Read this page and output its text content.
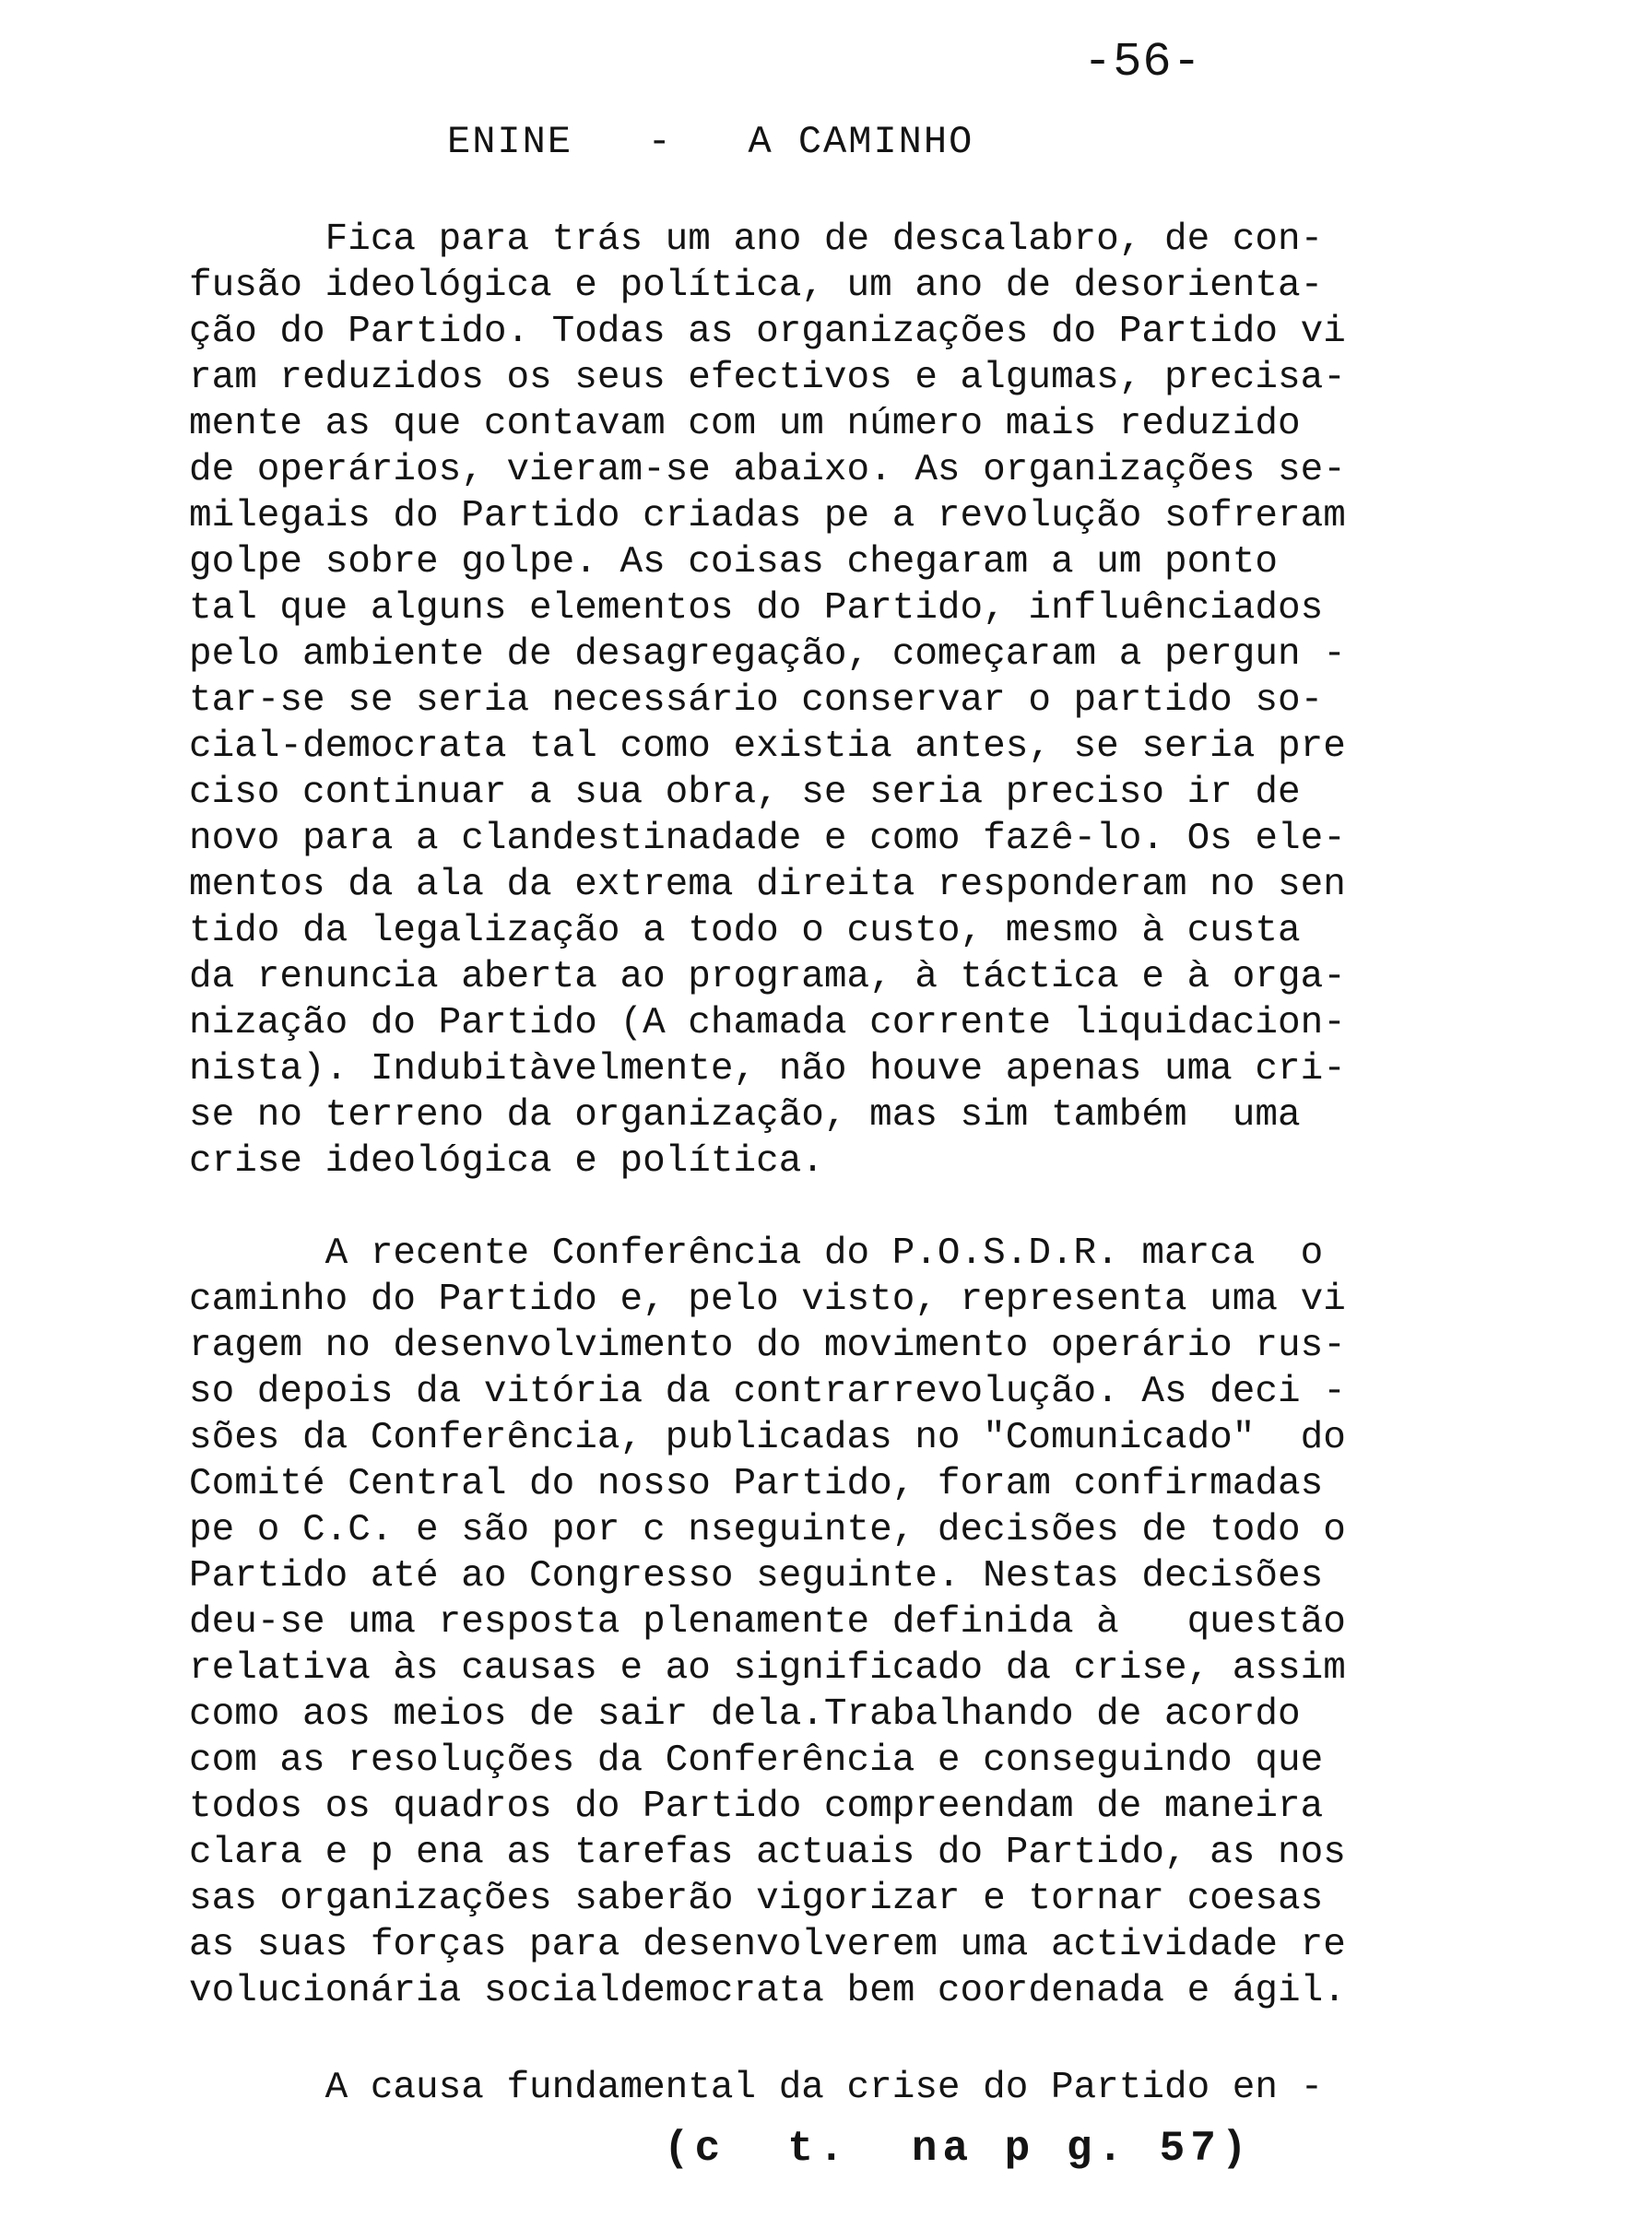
-56-
ENINE   -   A CAMINHO
Fica para trás um ano de descalabro, de con-
fusão ideológica e política, um ano de desorienta-
ção do Partido. Todas as organizações do Partido vi
ram reduzidos os seus efectivos e algumas, precisa-
mente as que contavam com um número mais reduzido
de operários, vieram-se abaixo. As organizações se-
milegais do Partido criadas pe a revolução sofreram
golpe sobre golpe. As coisas chegaram a um ponto
tal que alguns elementos do Partido, influênciados
pelo ambiente de desagregação, começaram a pergun -
tar-se se seria necessário conservar o partido so-
cial-democrata tal como existia antes, se seria pre
ciso continuar a sua obra, se seria preciso ir de
novo para a clandestinadade e como fazê-lo. Os ele-
mentos da ala da extrema direita responderam no sen
tido da legalização a todo o custo, mesmo à custa
da renuncia aberta ao programa, à táctica e à orga-
nização do Partido (A chamada corrente liquidacion-
nista). Indubitàvelmente, não houve apenas uma cri-
se no terreno da organização, mas sim também  uma
crise ideológica e política.
A recente Conferência do P.O.S.D.R. marca  o
caminho do Partido e, pelo visto, representa uma vi
ragem no desenvolvimento do movimento operário rus-
so depois da vitória da contrarrevolução. As deci -
sões da Conferência, publicadas no "Comunicado"  do
Comité Central do nosso Partido, foram confirmadas
pe o C.C. e são por c nseguinte, decisões de todo o
Partido até ao Congresso seguinte. Nestas decisões
deu-se uma resposta plenamente definida à   questão
relativa às causas e ao significado da crise, assim
como aos meios de sair dela.Trabalhando de acordo
com as resoluções da Conferência e conseguindo que
todos os quadros do Partido compreendam de maneira
clara e p ena as tarefas actuais do Partido, as nos
sas organizações saberão vigorizar e tornar coesas
as suas forças para desenvolverem uma actividade re
volucionária socialdemocrata bem coordenada e ágil.
A causa fundamental da crise do Partido en -
(c  t.  na p g. 57)
